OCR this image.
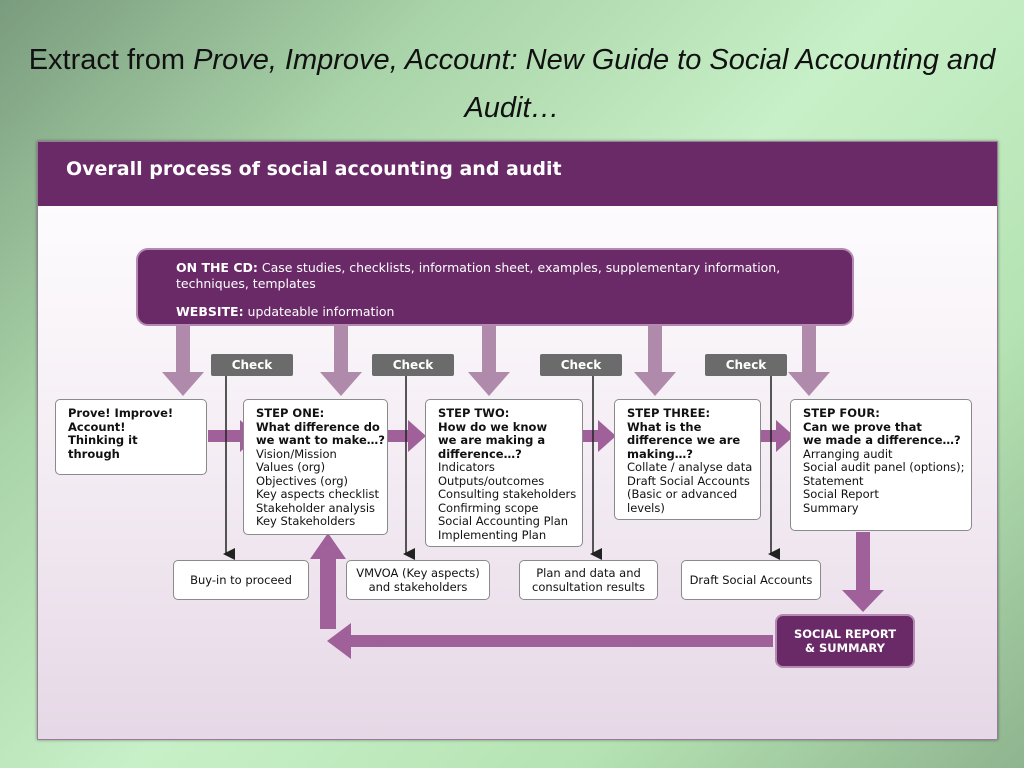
Extract from Prove, Improve, Account: New Guide to Social Accounting and Audit…
Overall process of social accounting and audit
ON THE CD: Case studies, checklists, information sheet, examples, supplementary information, techniques, templates
WEBSITE: updateable information
Check	Check	Check	Check
Prove! Improve!
Account!
Thinking it
through
STEP ONE:
What difference do
we want to make…?
Vision/Mission
Values (org)
Objectives (org)
Key aspects checklist
Stakeholder analysis
Key Stakeholders
STEP TWO:
How do we know
we are making a
difference…?
Indicators
Outputs/outcomes
Consulting stakeholders
Confirming scope
Social Accounting Plan
Implementing Plan
STEP THREE:
What is the
difference we are
making…?
Collate / analyse data
Draft Social Accounts
(Basic or advanced
levels)
STEP FOUR:
Can we prove that
we made a difference…?
Arranging audit
Social audit panel (options);
Statement
Social Report
Summary
Buy-in to proceed	VMVOA (Key aspects)
and stakeholders
Plan and data and
consultation results	Draft Social Accounts
SOCIAL REPORT
& SUMMARY
